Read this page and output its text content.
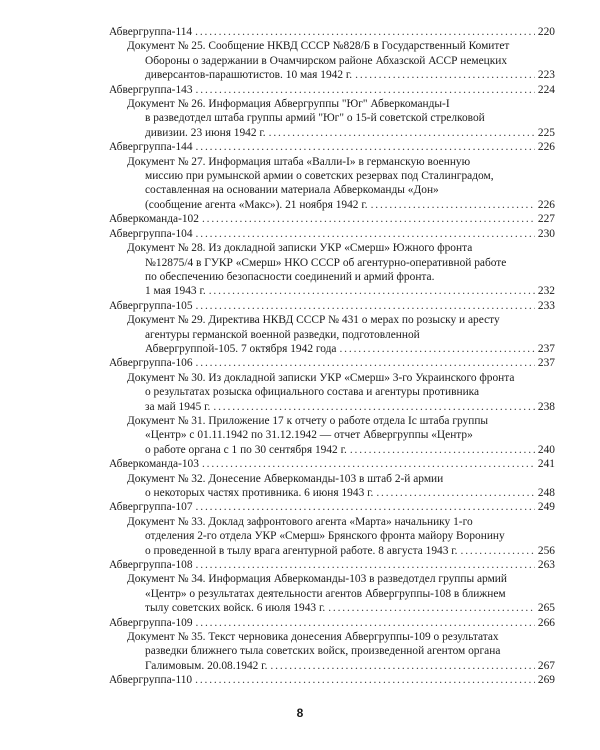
Абвергруппа-114 . . .	220
Документ № 25. Сообщение НКВД СССР №828/Б в Государственный Комитет
Обороны о задержании в Очамчирском районе Абхазской АССР немецких
диверсантов-парашютистов. 10 мая 1942 г. . . .	223
Абвергруппа-143 . . .	224
Документ № 26. Информация Абвергруппы "Юг" Абверкоманды-I
в разведотдел штаба группы армий "Юг" о 15-й советской стрелковой
дивизии. 23 июня 1942 г. . . .	225
Абвергруппа-144 . . .	226
Документ № 27. Информация штаба «Валли-I» в германскую военную
миссию при румынской армии о советских резервах под Сталинградом,
составленная на основании материала Абверкоманды «Дон»
(сообщение агента «Макс»). 21 ноября 1942 г. . . .	226
Абверкоманда-102 . . .	227
Абвергруппа-104 . . .	230
Документ № 28. Из докладной записки УКР «Смерш» Южного фронта
№12875/4 в ГУКР «Смерш» НКО СССР об агентурно-оперативной работе
по обеспечению безопасности соединений и армий фронта.
1 мая 1943 г. . . .	232
Абвергруппа-105 . . .	233
Документ № 29. Директива НКВД СССР № 431 о мерах по розыску и аресту
агентуры германской военной разведки, подготовленной
Абвергруппой-105. 7 октября 1942 года . . .	237
Абвергруппа-106 . . .	237
Документ № 30. Из докладной записки УКР «Смерш» 3-го Украинского фронта
о результатах розыска официального состава и агентуры противника
за май 1945 г. . . .	238
Документ № 31. Приложение 17 к отчету о работе отдела Ic штаба группы
«Центр» с 01.11.1942 по 31.12.1942 — отчет Абвергруппы «Центр»
о работе органа с 1 по 30 сентября 1942 г. . . .	240
Абверкоманда-103 . . .	241
Документ № 32. Донесение Абверкоманды-103 в штаб 2-й армии
о некоторых частях противника. 6 июня 1943 г. . . .	248
Абвергруппа-107 . . .	249
Документ № 33. Доклад зафронтового агента «Марта» начальнику 1-го
отделения 2-го отдела УКР «Смерш» Брянского фронта майору Воронину
о проведенной в тылу врага агентурной работе. 8 августа 1943 г. . . .	256
Абвергруппа-108 . . .	263
Документ № 34. Информация Абверкоманды-103 в разведотдел группы армий
«Центр» о результатах деятельности агентов Абвергруппы-108 в ближнем
тылу советских войск. 6 июля 1943 г. . . .	265
Абвергруппа-109 . . .	266
Документ № 35. Текст черновика донесения Абвергруппы-109 о результатах
разведки ближнего тыла советских войск, произведенной агентом органа
Галимовым. 20.08.1942 г. . . .	267
Абвергруппа-110 . . .	269
8
